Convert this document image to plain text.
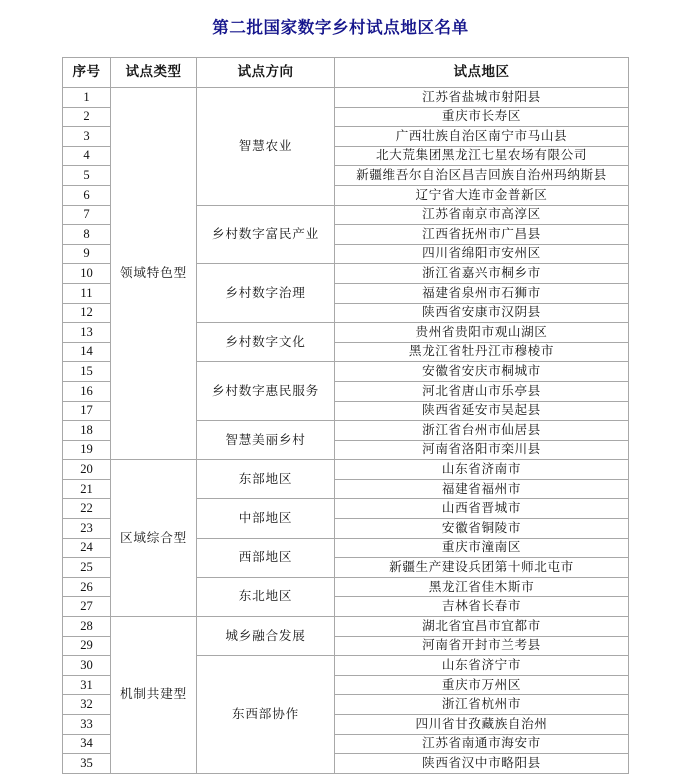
第二批国家数字乡村试点地区名单
序号	试点类型	试点方向	试点地区
1	领域特色型	智慧农业	江苏省盐城市射阳县
2			重庆市长寿区
3			广西壮族自治区南宁市马山县
4			北大荒集团黑龙江七星农场有限公司
5			新疆维吾尔自治区昌吉回族自治州玛纳斯县
6			辽宁省大连市金普新区
7		乡村数字富民产业	江苏省南京市高淳区
8			江西省抚州市广昌县
9			四川省绵阳市安州区
10		乡村数字治理	浙江省嘉兴市桐乡市
11			福建省泉州市石狮市
12			陕西省安康市汉阴县
13		乡村数字文化	贵州省贵阳市观山湖区
14			黑龙江省牡丹江市穆棱市
15		乡村数字惠民服务	安徽省安庆市桐城市
16			河北省唐山市乐亭县
17			陕西省延安市吴起县
18		智慧美丽乡村	浙江省台州市仙居县
19			河南省洛阳市栾川县
20	区域综合型	东部地区	山东省济南市
21			福建省福州市
22		中部地区	山西省晋城市
23			安徽省铜陵市
24		西部地区	重庆市潼南区
25			新疆生产建设兵团第十师北屯市
26		东北地区	黑龙江省佳木斯市
27			吉林省长春市
28	机制共建型	城乡融合发展	湖北省宜昌市宜都市
29			河南省开封市兰考县
30		东西部协作	山东省济宁市
31			重庆市万州区
32			浙江省杭州市
33			四川省甘孜藏族自治州
34			江苏省南通市海安市
35			陕西省汉中市略阳县
